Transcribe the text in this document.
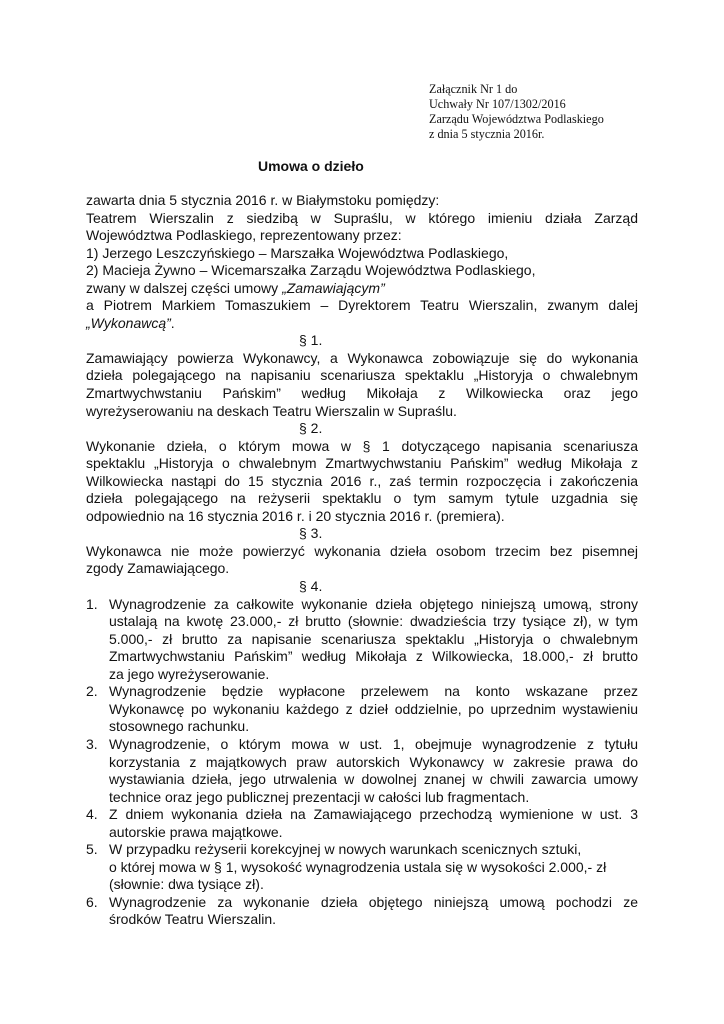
Załącznik Nr 1 do
Uchwały Nr 107/1302/2016
Zarządu Województwa Podlaskiego
z dnia 5 stycznia 2016r.
Umowa o dzieło

zawarta dnia 5 stycznia 2016 r. w Białymstoku pomiędzy:

Teatrem Wierszalin z siedzibą w Supraślu, w którego imieniu działa Zarząd

Województwa Podlaskiego, reprezentowany przez:

1) Jerzego Leszczyńskiego – Marszałka Województwa Podlaskiego,

2) Macieja Żywno – Wicemarszałka Zarządu Województwa Podlaskiego,

zwany w dalszej części umowy „Zamawiającym”

a Piotrem Markiem Tomaszukiem – Dyrektorem Teatru Wierszalin, zwanym dalej

„Wykonawcą”.

§ 1.

Zamawiający powierza Wykonawcy, a Wykonawca zobowiązuje się do wykonania

dzieła polegającego na napisaniu scenariusza spektaklu „Historyja o chwalebnym

Zmartwychwstaniu Pańskim” według Mikołaja z Wilkowiecka oraz jego

wyreżyserowaniu na deskach Teatru Wierszalin w Supraślu.

§ 2.

Wykonanie dzieła, o którym mowa w § 1 dotyczącego napisania scenariusza

spektaklu „Historyja o chwalebnym Zmartwychwstaniu Pańskim” według Mikołaja z

Wilkowiecka nastąpi do 15 stycznia 2016 r., zaś termin rozpoczęcia i zakończenia

dzieła polegającego na reżyserii spektaklu o tym samym tytule uzgadnia się

odpowiednio na 16 stycznia 2016 r. i 20 stycznia 2016 r. (premiera).

§ 3.

Wykonawca nie może powierzyć wykonania dzieła osobom trzecim bez pisemnej

zgody Zamawiającego.

§ 4.

1. Wynagrodzenie za całkowite wykonanie dzieła objętego niniejszą umową, strony
ustalają na kwotę 23.000,- zł brutto (słownie: dwadzieścia trzy tysiące zł), w tym
5.000,- zł brutto za napisanie scenariusza spektaklu „Historyja o chwalebnym
Zmartwychwstaniu Pańskim” według Mikołaja z Wilkowiecka, 18.000,- zł brutto
za jego wyreżyserowanie.
2. Wynagrodzenie będzie wypłacone przelewem na konto wskazane przez
Wykonawcę po wykonaniu każdego z dzieł oddzielnie, po uprzednim wystawieniu
stosownego rachunku.
3. Wynagrodzenie, o którym mowa w ust. 1, obejmuje wynagrodzenie z tytułu
korzystania z majątkowych praw autorskich Wykonawcy w zakresie prawa do
wystawiania dzieła, jego utrwalenia w dowolnej znanej w chwili zawarcia umowy
technice oraz jego publicznej prezentacji w całości lub fragmentach.
4. Z dniem wykonania dzieła na Zamawiającego przechodzą wymienione w ust. 3
autorskie prawa majątkowe.
5. W przypadku reżyserii korekcyjnej w nowych warunkach scenicznych sztuki,
o której mowa w § 1, wysokość wynagrodzenia ustala się w wysokości 2.000,- zł
(słownie: dwa tysiące zł).
6. Wynagrodzenie za wykonanie dzieła objętego niniejszą umową pochodzi ze
środków Teatru Wierszalin.
